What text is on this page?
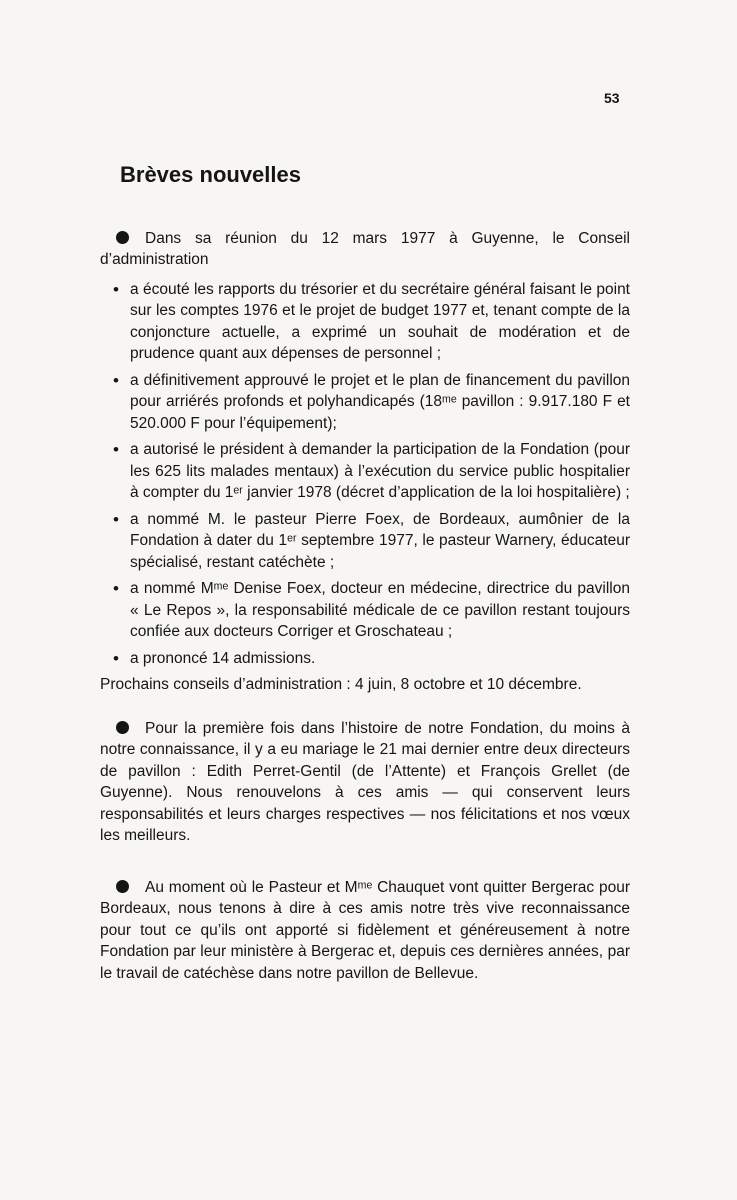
53
Brèves nouvelles

Dans sa réunion du 12 mars 1977 à Guyenne, le Conseil d’administration

• a écouté les rapports du trésorier et du secrétaire général faisant le point sur les comptes 1976 et le projet de budget 1977 et, tenant compte de la conjoncture actuelle, a exprimé un souhait de modération et de prudence quant aux dépenses de personnel ;
• a définitivement approuvé le projet et le plan de financement du pavillon pour arriérés profonds et polyhandicapés (18ᵐᵉ pavillon : 9.917.180 F et 520.000 F pour l’équipement);
• a autorisé le président à demander la participation de la Fondation (pour les 625 lits malades mentaux) à l’exécution du service public hospitalier à compter du 1ᵉʳ janvier 1978 (décret d’application de la loi hospitalière) ;
• a nommé M. le pasteur Pierre Foex, de Bordeaux, aumônier de la Fondation à dater du 1ᵉʳ septembre 1977, le pasteur Warnery, éducateur spécialisé, restant catéchète ;
• a nommé Mᵐᵉ Denise Foex, docteur en médecine, directrice du pavillon « Le Repos », la responsabilité médicale de ce pavillon restant toujours confiée aux docteurs Corriger et Groschateau ;
• a prononcé 14 admissions.

Prochains conseils d’administration : 4 juin, 8 octobre et 10 décembre.

Pour la première fois dans l’histoire de notre Fondation, du moins à notre connaissance, il y a eu mariage le 21 mai dernier entre deux directeurs de pavillon : Edith Perret-Gentil (de l’Attente) et François Grellet (de Guyenne). Nous renouvelons à ces amis — qui conservent leurs responsabilités et leurs charges respectives — nos félicitations et nos vœux les meilleurs.

Au moment où le Pasteur et Mᵐᵉ Chauquet vont quitter Bergerac pour Bordeaux, nous tenons à dire à ces amis notre très vive reconnaissance pour tout ce qu’ils ont apporté si fidèlement et généreusement à notre Fondation par leur ministère à Bergerac et, depuis ces dernières années, par le travail de catéchèse dans notre pavillon de Bellevue.
